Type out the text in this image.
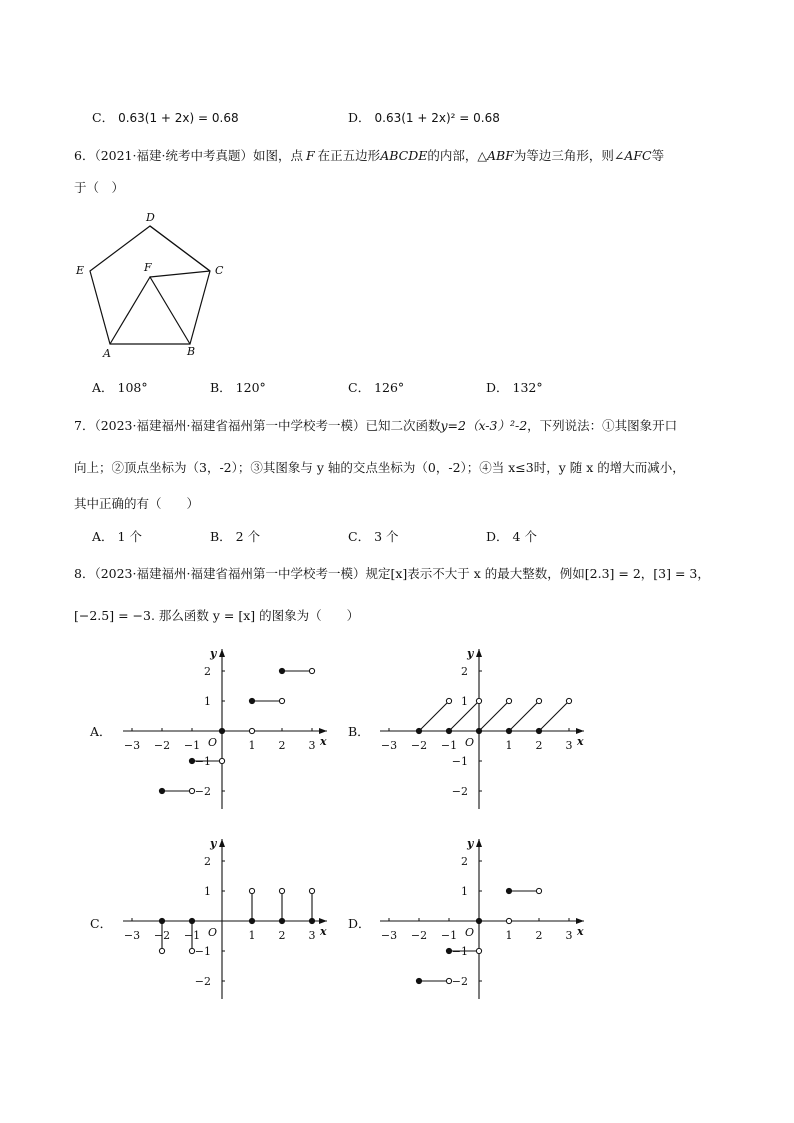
C． 0.63(1 + 2x) = 0.68	D． 0.63(1 + 2x)² = 0.68
6．（2021·福建·统考中考真题）如图，点 F 在正五边形ABCDE的内部，△ABF为等边三角形，则∠AFC等
于（　）
D
E	F	C
A	B
A． 108°	B． 120°	C． 126°	D． 132°
7．（2023·福建福州·福建省福州第一中学校考一模）已知二次函数y=2（x-3）²-2，下列说法：①其图象开口
向上；②顶点坐标为（3，-2）；③其图象与 y 轴的交点坐标为（0，-2）；④当 x≤3时，y 随 x 的增大而减小，
其中正确的有（　　）
A． 1 个	B． 2 个	C． 3 个	D． 4 个
8．（2023·福建福州·福建省福州第一中学校考一模）规定[x]表示不大于 x 的最大整数，例如[2.3] = 2，[3] = 3，
[−2.5] = −3. 那么函数 y = [x] 的图象为（　　）
A．	B．
C．	D．
−3 −2 −1	1 2 3
2
1
−1
−2
O	x
y
−3 −2 −1	1 2 3
2
1
−1
−2
O	x
y
−3 −2 −1	1 2 3
2
1
−1
−2
O	x
y
−3 −2 −1	1 2 3
2
1
−1
−2
O	x
y
